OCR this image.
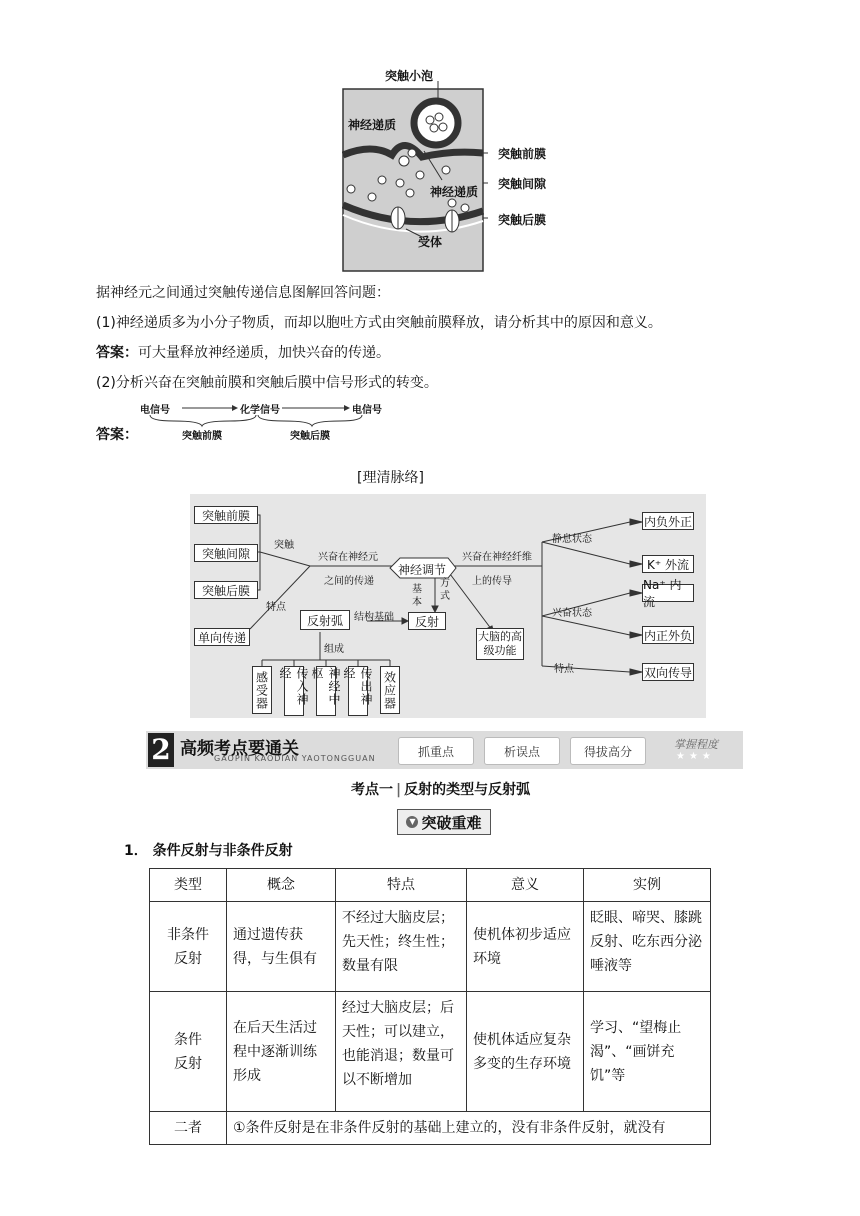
突触小泡
神经递质
突触前膜
突触间隙
神经递质
突触后膜
受体
据神经元之间通过突触传递信息图解回答问题：
(1)神经递质多为小分子物质，而却以胞吐方式由突触前膜释放，请分析其中的原因和意义。
答案：可大量释放神经递质，加快兴奋的传递。
(2)分析兴奋在突触前膜和突触后膜中信号形式的转变。
答案：
电信号	化学信号	电信号
突触前膜	突触后膜
[理清脉络]
突触前膜
突触间隙
突触后膜
突触
兴奋在神经元
之间的传递
特点
单向传递
神经调节
基
本
方
式
反射
反射弧	结构基础
组成
感受器	传入神经	神经中枢	传出神经	效应器
大脑的高级功能
兴奋在神经纤维
上的传导
静息状态
兴奋状态
特点
内负外正
K⁺ 外流
Na⁺ 内流
内正外负
双向传导
2 高频考点要通关
GAOPIN KAODIAN YAOTONGGUAN	抓重点	析误点	得拔高分	掌握程度
★★★
考点一 | 反射的类型与反射弧
▼ 突破重难
1． 条件反射与非条件反射
类型	概念	特点	意义	实例
非条件反射	通过遗传获得，与生俱有	不经过大脑皮层；先天性；终生性；数量有限	使机体初步适应环境	眨眼、啼哭、膝跳反射、吃东西分泌唾液等
条件反射	在后天生活过程中逐渐训练形成	经过大脑皮层；后天性；可以建立，也能消退；数量可以不断增加	使机体适应复杂多变的生存环境	学习、“望梅止渴”、“画饼充饥”等
二者	①条件反射是在非条件反射的基础上建立的，没有非条件反射，就没有			
